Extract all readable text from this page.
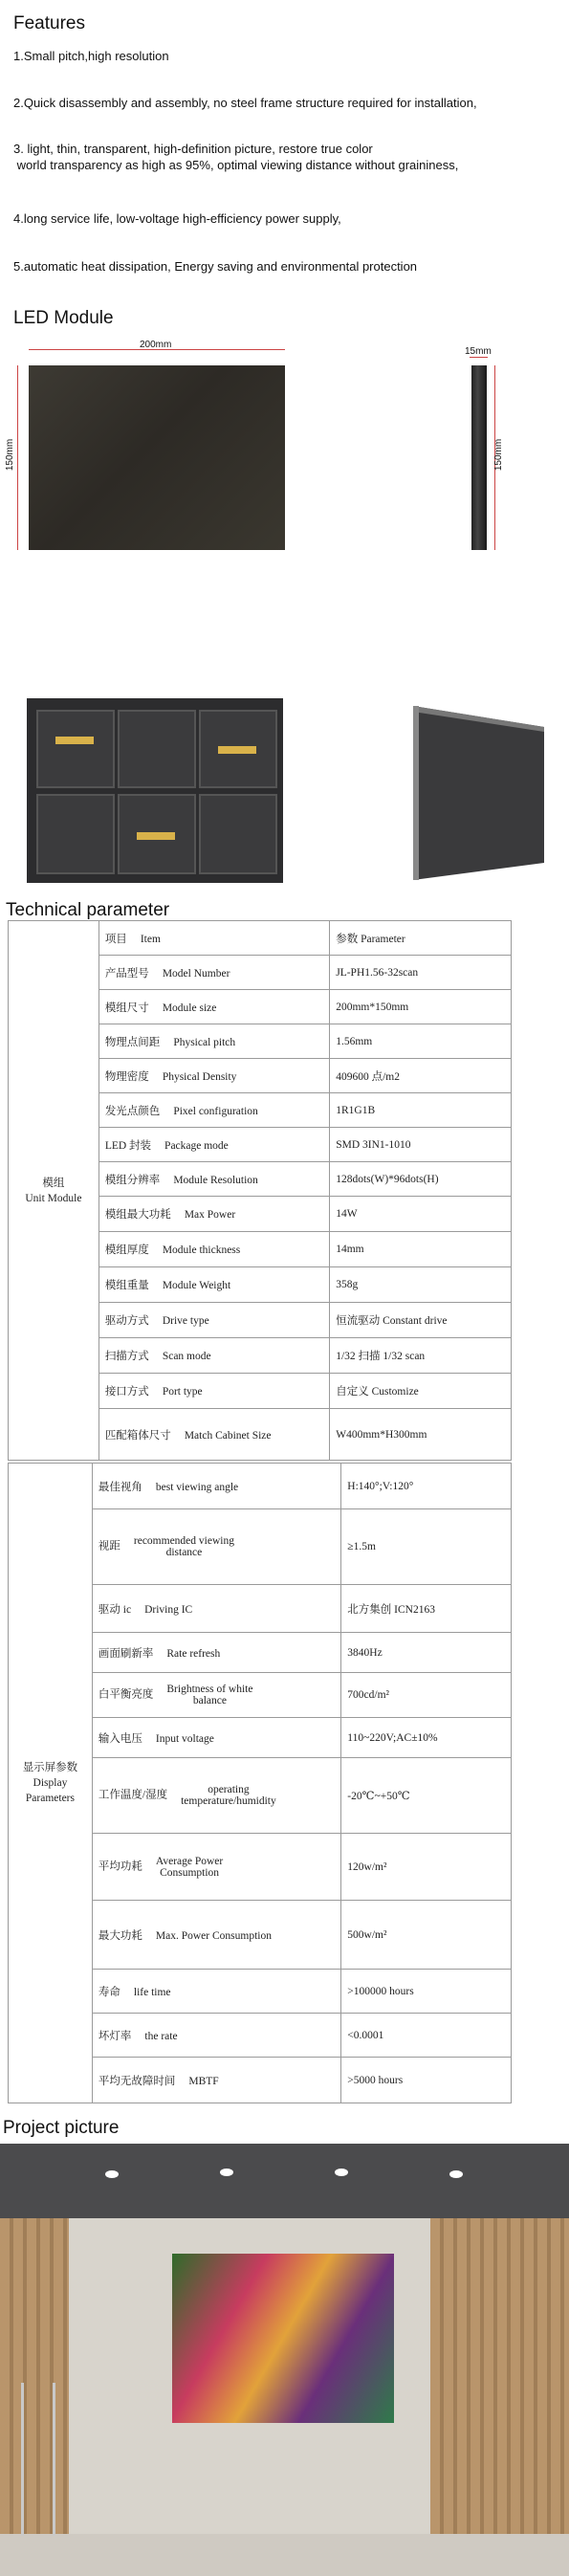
Features
1.Small pitch,high resolution
2.Quick disassembly and assembly, no steel frame structure required for installation,
3. light, thin, transparent, high-definition picture, restore true color
world transparency as high as 95%, optimal viewing distance without graininess,
4.long service life, low-voltage high-efficiency power supply,
5.automatic heat dissipation, Energy saving and environmental protection
LED Module
200mm
150mm
15mm
150mm
Technical parameter
模组
Unit Module	项目 Item	参数 Parameter
	产品型号 Model Number	JL-PH1.56-32scan
	模组尺寸 Module size	200mm*150mm
	物理点间距 Physical pitch	1.56mm
	物理密度 Physical Density	409600 点/m2
	发光点颜色 Pixel configuration	1R1G1B
	LED 封装 Package mode	SMD 3IN1-1010
	模组分辨率 Module Resolution	128dots(W)*96dots(H)
	模组最大功耗 Max Power	14W
	模组厚度 Module thickness	14mm
	模组重量 Module Weight	358g
	驱动方式 Drive type	恒流驱动 Constant drive
	扫描方式 Scan mode	1/32 扫描 1/32 scan
	接口方式 Port type	自定义 Customize
	匹配箱体尺寸 Match Cabinet Size	W400mm*H300mm
显示屏参数
Display
Parameters	最佳视角 best viewing angle	H:140°;V:120°
	视距 recommended viewing
distance	≥1.5m
	驱动 ic Driving IC	北方集创 ICN2163
	画面刷新率 Rate refresh	3840Hz
	白平衡亮度 Brightness of white
balance	700cd/m²
	输入电压 Input voltage	110~220V;AC±10%
	工作温度/湿度 operating
temperature/humidity	-20℃~+50℃
	平均功耗 Average Power
Consumption	120w/m²
	最大功耗 Max. Power Consumption	500w/m²
	寿命 life time	>100000 hours
	坏灯率 the rate	<0.0001
	平均无故障时间 MBTF	>5000 hours
Project picture
